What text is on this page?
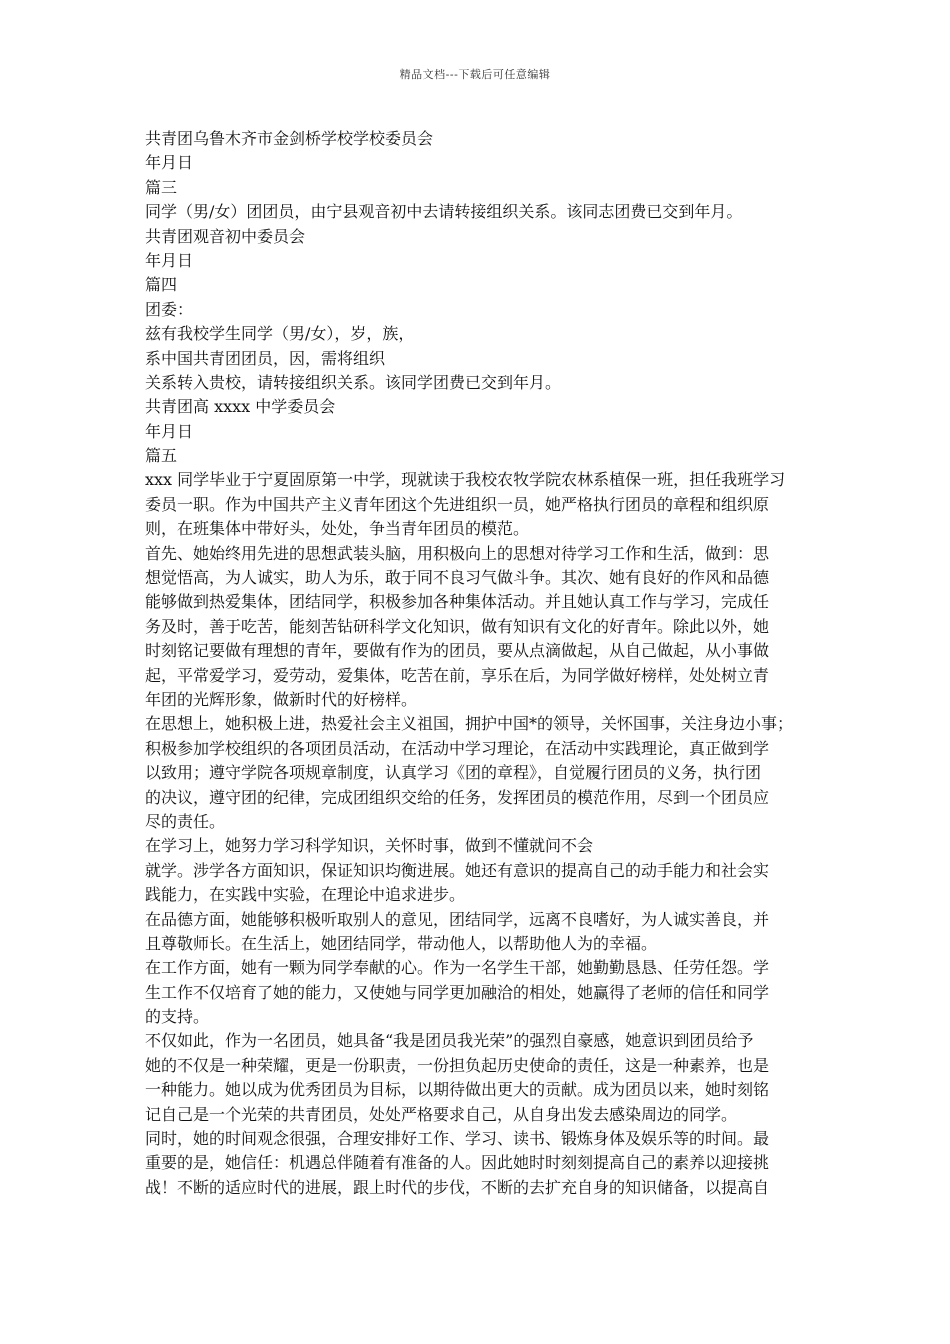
精品文档---下载后可任意编辑
共青团乌鲁木齐市金剑桥学校学校委员会
年月日
篇三
同学（男/女）团团员，由宁县观音初中去请转接组织关系。该同志团费已交到年月。
共青团观音初中委员会
年月日
篇四
团委：
兹有我校学生同学（男/女），岁，族，
系中国共青团团员，因，需将组织
关系转入贵校，请转接组织关系。该同学团费已交到年月。
共青团高 xxxx 中学委员会
年月日
篇五
xxx 同学毕业于宁夏固原第一中学，现就读于我校农牧学院农林系植保一班，担任我班学习
委员一职。作为中国共产主义青年团这个先进组织一员，她严格执行团员的章程和组织原
则，在班集体中带好头，处处，争当青年团员的模范。
首先、她始终用先进的思想武装头脑，用积极向上的思想对待学习工作和生活，做到：思
想觉悟高，为人诚实，助人为乐，敢于同不良习气做斗争。其次、她有良好的作风和品德
能够做到热爱集体，团结同学，积极参加各种集体活动。并且她认真工作与学习，完成任
务及时，善于吃苦，能刻苦钻研科学文化知识，做有知识有文化的好青年。除此以外，她
时刻铭记要做有理想的青年，要做有作为的团员，要从点滴做起，从自己做起，从小事做
起，平常爱学习，爱劳动，爱集体，吃苦在前，享乐在后，为同学做好榜样，处处树立青
年团的光辉形象，做新时代的好榜样。
在思想上，她积极上进，热爱社会主义祖国，拥护中国*的领导，关怀国事，关注身边小事；
积极参加学校组织的各项团员活动，在活动中学习理论，在活动中实践理论，真正做到学
以致用；遵守学院各项规章制度，认真学习《团的章程》，自觉履行团员的义务，执行团
的决议，遵守团的纪律，完成团组织交给的任务，发挥团员的模范作用，尽到一个团员应
尽的责任。
在学习上，她努力学习科学知识，关怀时事，做到不懂就问不会
就学。涉学各方面知识，保证知识均衡进展。她还有意识的提高自己的动手能力和社会实
践能力，在实践中实验，在理论中追求进步。
在品德方面，她能够积极听取别人的意见，团结同学，远离不良嗜好，为人诚实善良，并
且尊敬师长。在生活上，她团结同学，带动他人，以帮助他人为的幸福。
在工作方面，她有一颗为同学奉献的心。作为一名学生干部，她勤勤恳恳、任劳任怨。学
生工作不仅培育了她的能力，又使她与同学更加融洽的相处，她赢得了老师的信任和同学
的支持。
不仅如此，作为一名团员，她具备“我是团员我光荣”的强烈自豪感，她意识到团员给予
她的不仅是一种荣耀，更是一份职责，一份担负起历史使命的责任，这是一种素养，也是
一种能力。她以成为优秀团员为目标，以期待做出更大的贡献。成为团员以来，她时刻铭
记自己是一个光荣的共青团员，处处严格要求自己，从自身出发去感染周边的同学。
同时，她的时间观念很强，合理安排好工作、学习、读书、锻炼身体及娱乐等的时间。最
重要的是，她信任：机遇总伴随着有准备的人。因此她时时刻刻提高自己的素养以迎接挑
战！不断的适应时代的进展，跟上时代的步伐，不断的去扩充自身的知识储备，以提高自
